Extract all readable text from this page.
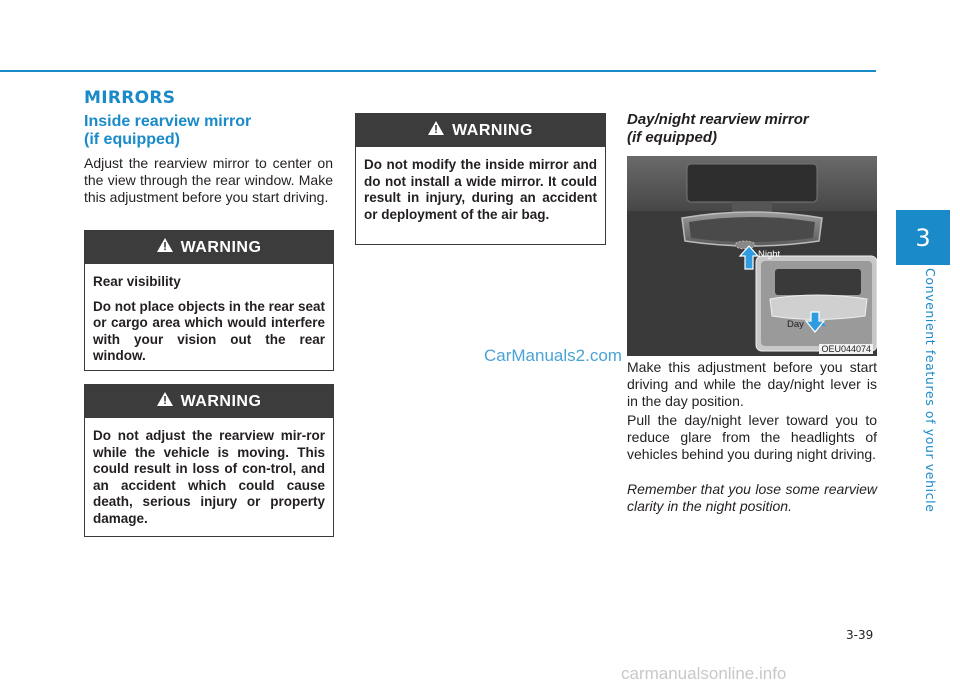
MIRRORS
Inside rearview mirror
(if equipped)
Adjust the rearview mirror to center on the view through the rear window. Make this adjustment before you start driving.
WARNING

Rear visibility

Do not place objects in the rear seat or cargo area which would interfere with your vision out the rear window.

WARNING

Do not adjust the rearview mir-ror while the vehicle is moving. This could result in loss of con-trol, and an accident which could cause death, serious injury or property damage.

WARNING

Do not modify the inside mirror and do not install a wide mirror. It could result in injury, during an accident or deployment of the air bag.

Day/night rearview mirror
(if equipped)
Night
Day
OEU044074
Make this adjustment before you start driving and while the day/night lever is in the day position.
Pull the day/night lever toward you to reduce glare from the headlights of vehicles behind you during night driving.
Remember that you lose some rearview clarity in the night position.
3
Convenient features of your vehicle
3-39
CarManuals2.com
carmanualsonline.info
